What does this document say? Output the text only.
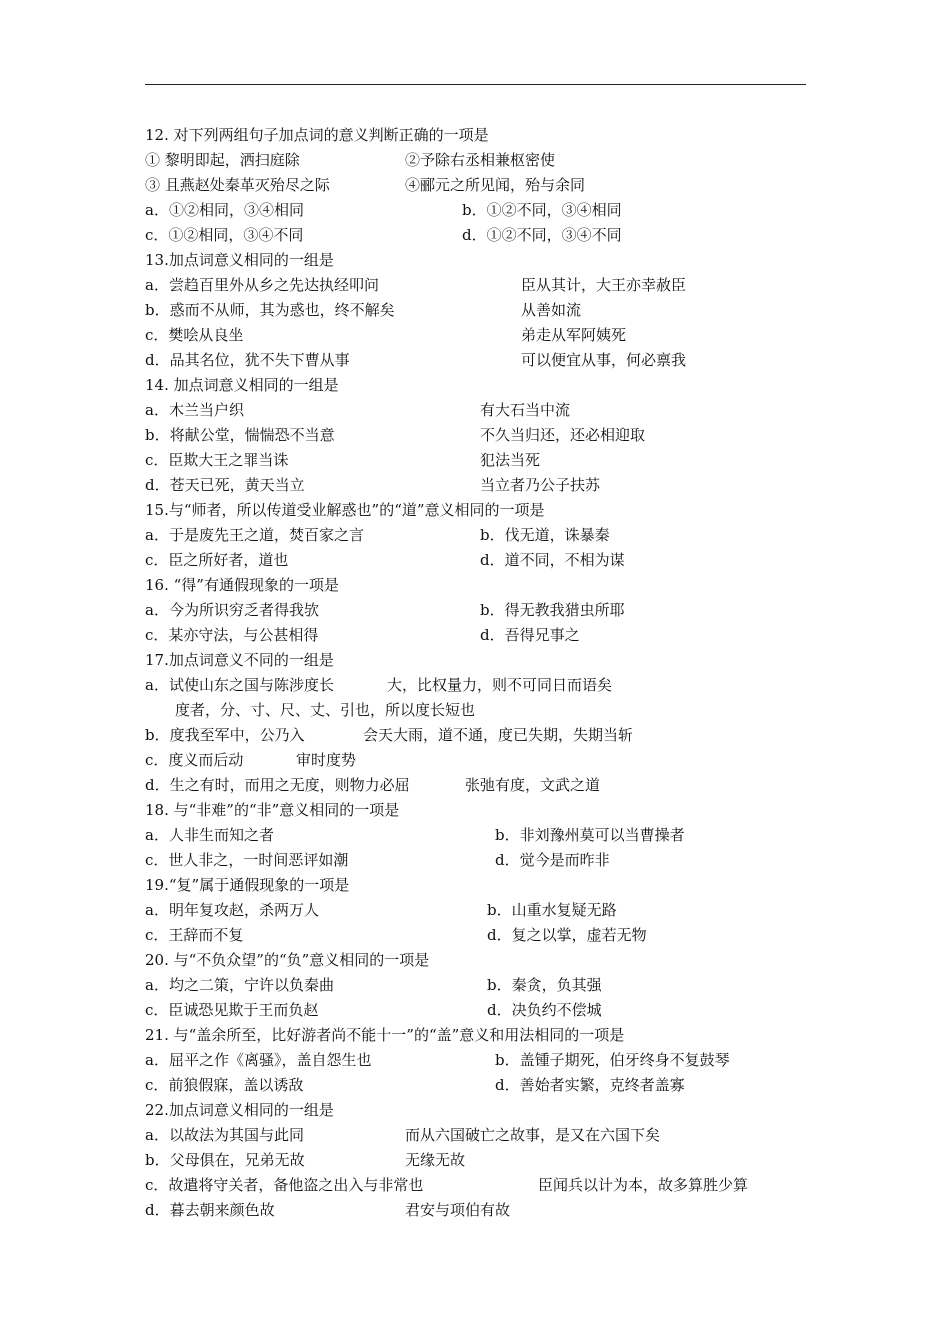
12. 对下列两组句子加点词的意义判断正确的一项是
① 黎明即起，洒扫庭除	②予除右丞相兼枢密使
③ 且燕赵处秦革灭殆尽之际	④郦元之所见闻，殆与余同
a．①②相同，③④相同	b．①②不同，③④相同
c．①②相同，③④不同	d．①②不同，③④不同
13.加点词意义相同的一组是
a．尝趋百里外从乡之先达执经叩问	臣从其计，大王亦幸赦臣
b．惑而不从师，其为惑也，终不解矣	从善如流
c．樊哙从良坐	弟走从军阿姨死
d．品其名位，犹不失下曹从事	可以便宜从事，何必禀我
14. 加点词意义相同的一组是
a．木兰当户织	有大石当中流
b．将献公堂，惴惴恐不当意	不久当归还，还必相迎取
c．臣欺大王之罪当诛	犯法当死
d．苍天已死，黄天当立	当立者乃公子扶苏
15.与“师者，所以传道受业解惑也”的“道”意义相同的一项是
a．于是废先王之道，焚百家之言	b．伐无道，诛暴秦
c．臣之所好者，道也	d．道不同，不相为谋
16. “得”有通假现象的一项是
a．今为所识穷乏者得我欤	b．得无教我猎虫所耶
c．某亦守法，与公甚相得	d．吾得兄事之
17.加点词意义不同的一组是
a．试使山东之国与陈涉度长	大，比权量力，则不可同日而语矣
度者，分、寸、尺、丈、引也，所以度长短也
b．度我至军中，公乃入	会天大雨，道不通，度已失期，失期当斩
c．度义而后动	审时度势
d．生之有时，而用之无度，则物力必屈	张弛有度，文武之道
18. 与“非难”的“非”意义相同的一项是
a．人非生而知之者	b．非刘豫州莫可以当曹操者
c．世人非之，一时间恶评如潮	d．觉今是而昨非
19.“复”属于通假现象的一项是
a．明年复攻赵，杀两万人	b．山重水复疑无路
c．王辞而不复	d．复之以掌，虚若无物
20. 与“不负众望”的“负”意义相同的一项是
a．均之二策，宁许以负秦曲	b．秦贪，负其强
c．臣诚恐见欺于王而负赵	d．决负约不偿城
21. 与“盖余所至，比好游者尚不能十一”的“盖”意义和用法相同的一项是
a．屈平之作《离骚》，盖自怨生也	b．盖锺子期死，伯牙终身不复鼓琴
c．前狼假寐，盖以诱敌	d．善始者实繁，克终者盖寡
22.加点词意义相同的一组是
a．以故法为其国与此同	而从六国破亡之故事，是又在六国下矣
b．父母俱在，兄弟无故	无缘无故
c．故遣将守关者，备他盗之出入与非常也	臣闻兵以计为本，故多算胜少算
d．暮去朝来颜色故	君安与项伯有故
